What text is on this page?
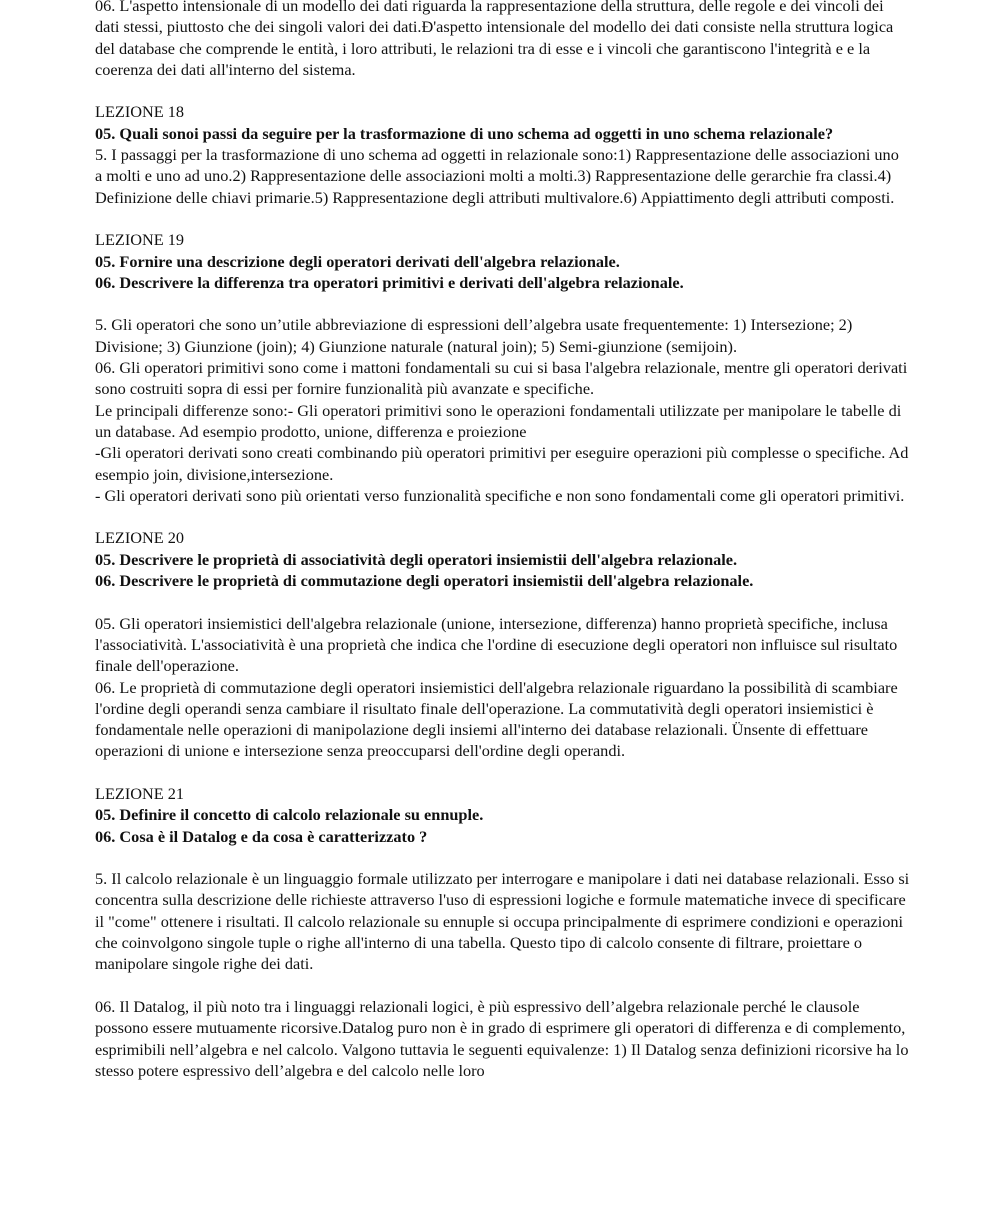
06. L'aspetto intensionale di un modello dei dati riguarda la rappresentazione della struttura, delle regole e dei vincoli dei dati stessi, piuttosto che dei singoli valori dei dati.Ð'aspetto intensionale del modello dei dati consiste nella struttura logica del database che comprende le entità, i loro attributi, le relazioni tra di esse e i vincoli che garantiscono l'integrità e e la coerenza dei dati all'interno del sistema.

LEZIONE 18

05. Quali sonoi passi da seguire per la trasformazione di uno schema ad oggetti in uno schema relazionale?

5. I passaggi per la trasformazione di uno schema ad oggetti in relazionale sono:1) Rappresentazione delle associazioni uno a molti e uno ad uno.2) Rappresentazione delle associazioni molti a molti.3) Rappresentazione delle gerarchie fra classi.4) Definizione delle chiavi primarie.5) Rappresentazione degli attributi multivalore.6) Appiattimento degli attributi composti.

LEZIONE 19

05. Fornire una descrizione degli operatori derivati dell'algebra relazionale.

06. Descrivere la differenza tra operatori primitivi e derivati dell'algebra relazionale.

5. Gli operatori che sono un’utile abbreviazione di espressioni dell’algebra usate frequentemente: 1) Intersezione; 2) Divisione; 3) Giunzione (join); 4) Giunzione naturale (natural join); 5) Semi-giunzione (semijoin).

06. Gli operatori primitivi sono come i mattoni fondamentali su cui si basa l'algebra relazionale, mentre gli operatori derivati sono costruiti sopra di essi per fornire funzionalità più avanzate e specifiche.

Le principali differenze sono:- Gli operatori primitivi sono le operazioni fondamentali utilizzate per manipolare le tabelle di un database. Ad esempio prodotto, unione, differenza e proiezione

-Gli operatori derivati sono creati combinando più operatori primitivi per eseguire operazioni più complesse o specifiche. Ad esempio join, divisione,intersezione.

- Gli operatori derivati sono più orientati verso funzionalità specifiche e non sono fondamentali come gli operatori primitivi.

LEZIONE 20

05. Descrivere le proprietà di associatività degli operatori insiemistii dell'algebra relazionale.

06. Descrivere le proprietà di commutazione degli operatori insiemistii dell'algebra relazionale.

05. Gli operatori insiemistici dell'algebra relazionale (unione, intersezione, differenza) hanno proprietà specifiche, inclusa l'associatività. L'associatività è una proprietà che indica che l'ordine di esecuzione degli operatori non influisce sul risultato finale dell'operazione.

06. Le proprietà di commutazione degli operatori insiemistici dell'algebra relazionale riguardano la possibilità di scambiare l'ordine degli operandi senza cambiare il risultato finale dell'operazione. La commutatività degli operatori insiemistici è fondamentale nelle operazioni di manipolazione degli insiemi all'interno dei database relazionali. Ünsente di effettuare operazioni di unione e intersezione senza preoccuparsi dell'ordine degli operandi.

LEZIONE 21

05. Definire il concetto di calcolo relazionale su ennuple.

06. Cosa è il Datalog e da cosa è caratterizzato ?

5. Il calcolo relazionale è un linguaggio formale utilizzato per interrogare e manipolare i dati nei database relazionali. Esso si concentra sulla descrizione delle richieste attraverso l'uso di espressioni logiche e formule matematiche invece di specificare il "come" ottenere i risultati. Il calcolo relazionale su ennuple si occupa principalmente di esprimere condizioni e operazioni che coinvolgono singole tuple o righe all'interno di una tabella. Questo tipo di calcolo consente di filtrare, proiettare o manipolare singole righe dei dati.

06. Il Datalog, il più noto tra i linguaggi relazionali logici, è più espressivo dell’algebra relazionale perché le clausole possono essere mutuamente ricorsive.Datalog puro non è in grado di esprimere gli operatori di differenza e di complemento, esprimibili nell’algebra e nel calcolo. Valgono tuttavia le seguenti equivalenze: 1) Il Datalog senza definizioni ricorsive ha lo stesso potere espressivo dell’algebra e del calcolo nelle loro
